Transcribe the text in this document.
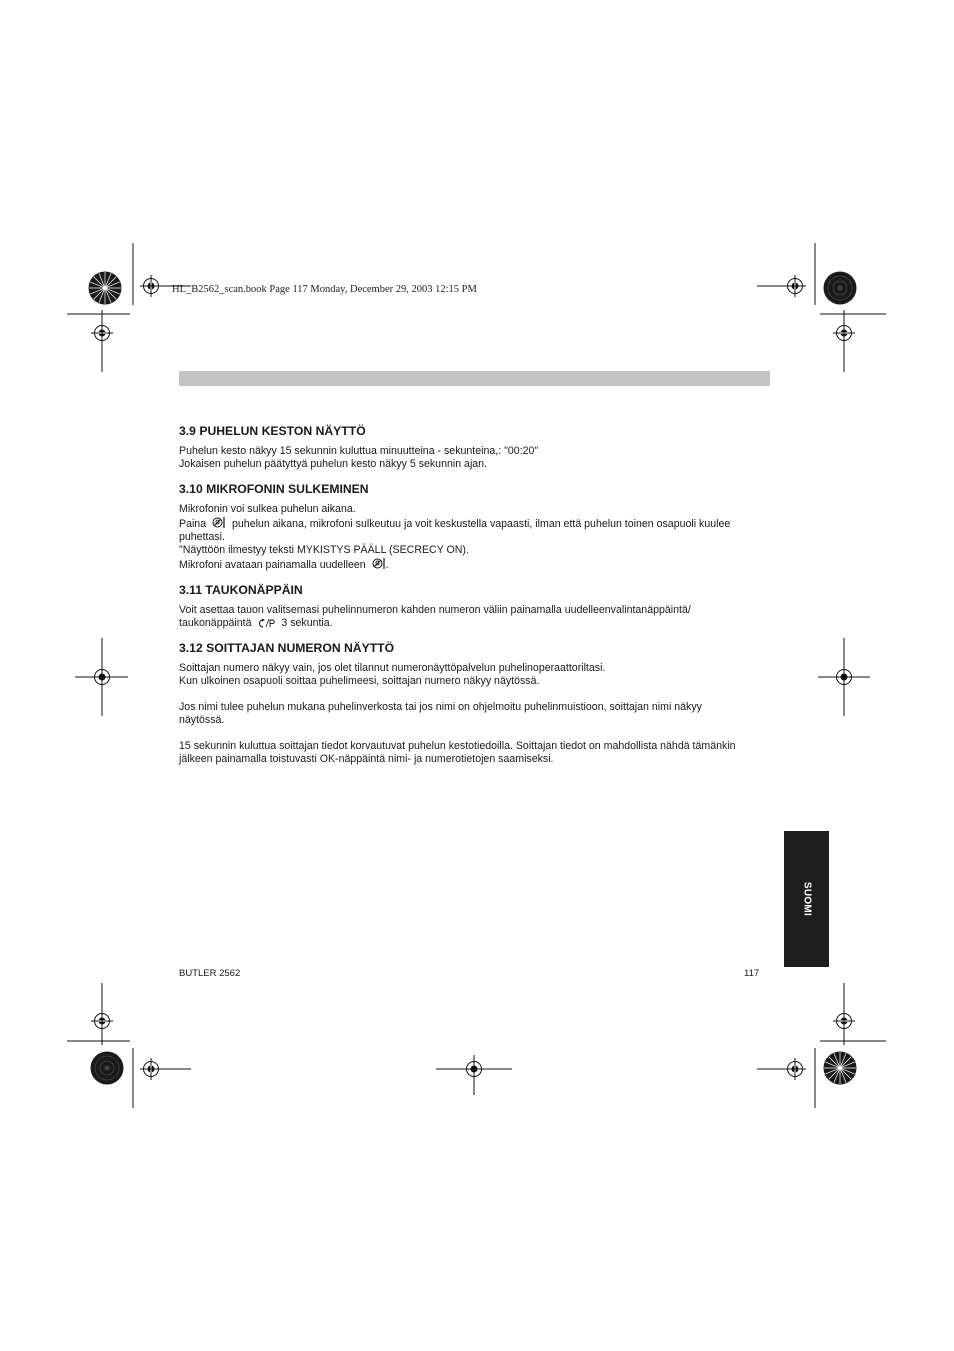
HL_B2562_scan.book Page 117 Monday, December 29, 2003 12:15 PM
3.9 PUHELUN KESTON NÄYTTÖ

Puhelun kesto näkyy 15 sekunnin kuluttua minuutteina - sekunteina,: "00:20"

Jokaisen puhelun päätyttyä puhelun kesto näkyy 5 sekunnin ajan.

3.10 MIKROFONIN SULKEMINEN

Mikrofonin voi sulkea puhelun aikana.

Paina puhelun aikana, mikrofoni sulkeutuu ja voit keskustella vapaasti, ilman että puhelun toinen osapuoli kuulee

puhettasi.

"Näyttöön ilmestyy teksti MYKISTYS PÄÄLL (SECRECY ON).

Mikrofoni avataan painamalla uudelleen .

3.11 TAUKONÄPPÄIN

Voit asettaa tauon valitsemasi puhelinnumeron kahden numeron väliin painamalla uudelleenvalintanäppäintä/

taukonäppäintä	3 sekuntia.

3.12 SOITTAJAN NUMERON NÄYTTÖ

Soittajan numero näkyy vain, jos olet tilannut numeronäyttöpalvelun puhelinoperaattoriltasi.

Kun ulkoinen osapuoli soittaa puhelimeesi, soittajan numero näkyy näytössä.

Jos nimi tulee puhelun mukana puhelinverkosta tai jos nimi on ohjelmoitu puhelinmuistioon, soittajan nimi näkyy

näytössä.

15 sekunnin kuluttua soittajan tiedot korvautuvat puhelun kestotiedoilla. Soittajan tiedot on mahdollista nähdä tämänkin

jälkeen painamalla toistuvasti OK-näppäintä nimi- ja numerotietojen saamiseksi.

SUOMI
BUTLER 2562	117
